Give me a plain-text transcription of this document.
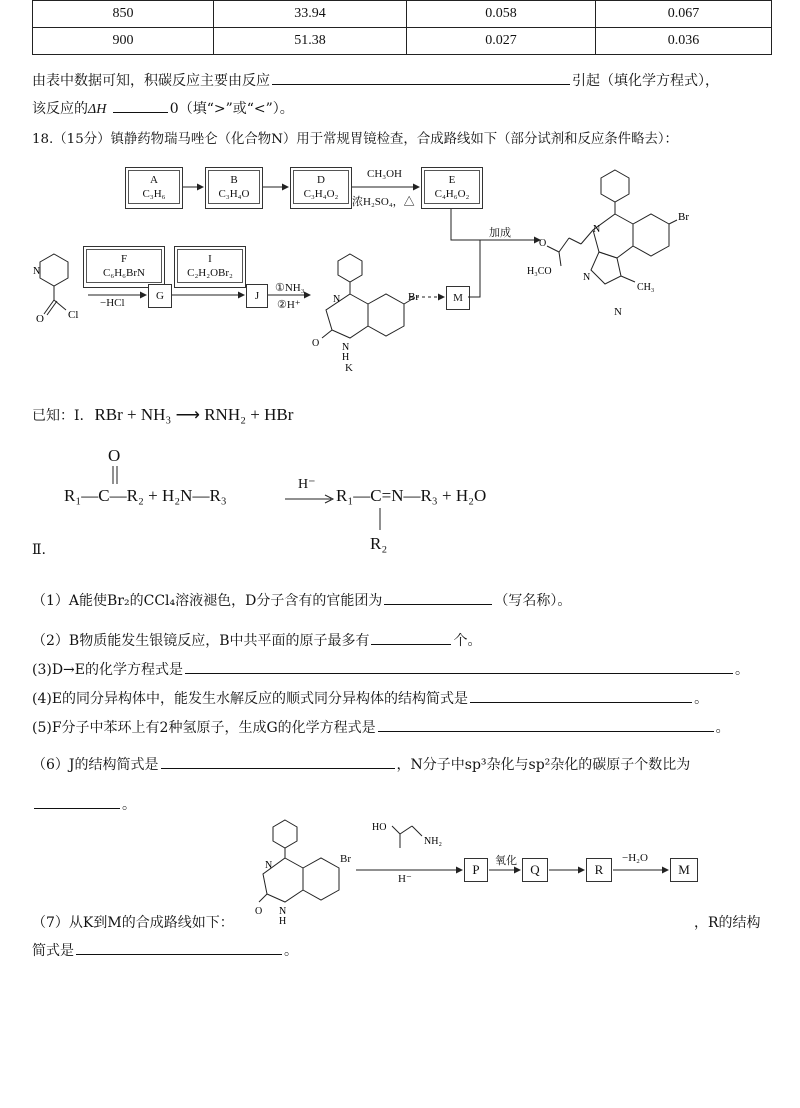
850	33.94	0.058	0.067
900	51.38	0.027	0.036
由表中数据可知，积碳反应主要由反应	引起（填化学方程式），
该反应的ΔH	0（填“>”或“<”）。
18.（15分）镇静药物瑞马唑仑（化合物N）用于常规胃镜检查，合成路线如下（部分试剂和反应条件略去）：
A
C₃H₆
B
C₃H₄O
D
C₃H₄O₂
E
C₄H₆O₂
CH₃OH
浓H₂SO₄，△
F
C₆H₆BrN
I
C₂H₂OBr₂
G	J	M
−HCl
①NH₃
②H⁺
加成
N
O Cl
N
O N
H
Br
K
N
N
O
H₃CO
CH₃
Br
N
已知：Ⅰ. RBr + NH₃ ⟶ RNH₂ + HBr
O
R₁—C—R₂ + H₂N—R₃
H⁻
R₁—C=N—R₃ + H₂O
R₂
Ⅱ.
（1）A能使Br₂的CCl₄溶液褪色，D分子含有的官能团为	（写名称）。
（2）B物质能发生银镜反应，B中共平面的原子最多有	个。
(3)D→E的化学方程式是	。
(4)E的同分异构体中，能发生水解反应的顺式同分异构体的结构简式是	。
(5)F分子中苯环上有2种氢原子，生成G的化学方程式是	。
（6）J的结构简式是	，N分子中sp³杂化与sp²杂化的碳原子个数比为
。
N
O N
H
Br
HO
NH₂
H⁻
P	Q	R	M
氧化	−H₂O
（7）从K到M的合成路线如下：	，R的结构
简式是	。
